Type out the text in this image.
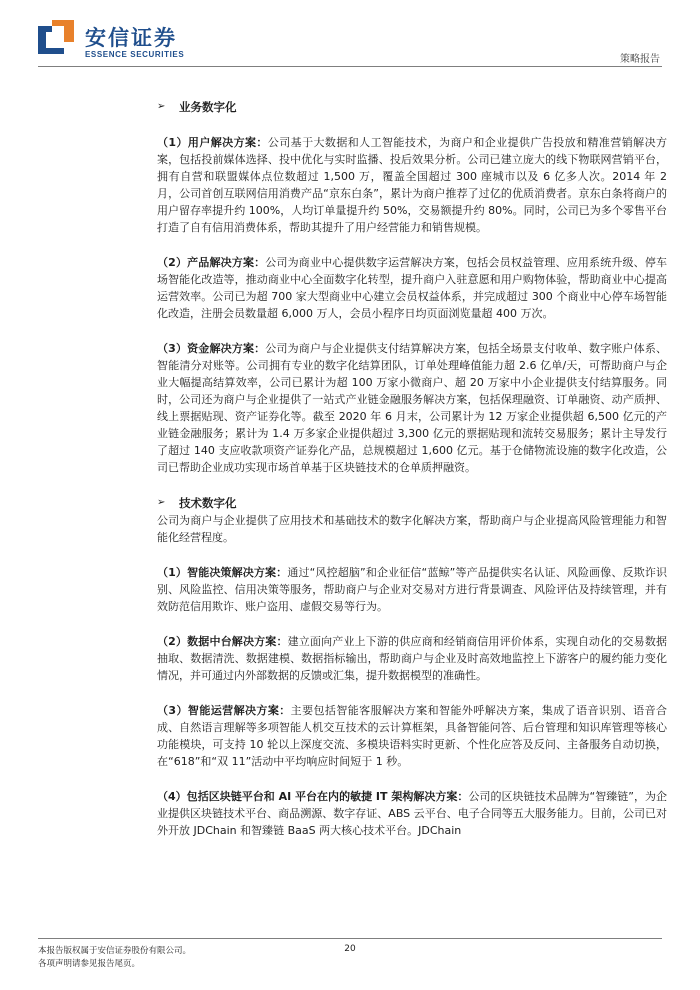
安信证券
ESSENCE SECURITIES	策略报告
➢	业务数字化

（1）用户解决方案：公司基于大数据和人工智能技术，为商户和企业提供广告投放和精准营销解决方案，包括投前媒体选择、投中优化与实时监播、投后效果分析。公司已建立庞大的线下物联网营销平台，拥有自营和联盟媒体点位数超过 1,500 万，覆盖全国超过 300 座城市以及 6 亿多人次。2014 年 2 月，公司首创互联网信用消费产品“京东白条”，累计为商户推荐了过亿的优质消费者。京东白条将商户的用户留存率提升约 100%，人均订单量提升约 50%，交易额提升约 80%。同时，公司已为多个零售平台打造了自有信用消费体系，帮助其提升了用户经营能力和销售规模。

（2）产品解决方案：公司为商业中心提供数字运营解决方案，包括会员权益管理、应用系统升级、停车场智能化改造等，推动商业中心全面数字化转型，提升商户入驻意愿和用户购物体验，帮助商业中心提高运营效率。公司已为超 700 家大型商业中心建立会员权益体系，并完成超过 300 个商业中心停车场智能化改造，注册会员数量超 6,000 万人，会员小程序日均页面浏览量超 400 万次。

（3）资金解决方案：公司为商户与企业提供支付结算解决方案，包括全场景支付收单、数字账户体系、智能清分对账等。公司拥有专业的数字化结算团队，订单处理峰值能力超 2.6 亿单/天，可帮助商户与企业大幅提高结算效率，公司已累计为超 100 万家小微商户、超 20 万家中小企业提供支付结算服务。同时，公司还为商户与企业提供了一站式产业链金融服务解决方案，包括保理融资、订单融资、动产质押、线上票据贴现、资产证券化等。截至 2020 年 6 月末，公司累计为 12 万家企业提供超 6,500 亿元的产业链金融服务；累计为 1.4 万多家企业提供超过 3,300 亿元的票据贴现和流转交易服务；累计主导发行了超过 140 支应收款项资产证券化产品，总规模超过 1,600 亿元。基于仓储物流设施的数字化改造，公司已帮助企业成功实现市场首单基于区块链技术的仓单质押融资。

➢	技术数字化

公司为商户与企业提供了应用技术和基础技术的数字化解决方案，帮助商户与企业提高风险管理能力和智能化经营程度。

（1）智能决策解决方案：通过“风控超脑”和企业征信“蓝鲸”等产品提供实名认证、风险画像、反欺诈识别、风险监控、信用决策等服务，帮助商户与企业对交易对方进行背景调查、风险评估及持续管理，并有效防范信用欺诈、账户盗用、虚假交易等行为。

（2）数据中台解决方案：建立面向产业上下游的供应商和经销商信用评价体系，实现自动化的交易数据抽取、数据清洗、数据建模、数据指标输出，帮助商户与企业及时高效地监控上下游客户的履约能力变化情况，并可通过内外部数据的反馈或汇集，提升数据模型的准确性。

（3）智能运营解决方案：主要包括智能客服解决方案和智能外呼解决方案，集成了语音识别、语音合成、自然语言理解等多项智能人机交互技术的云计算框架，具备智能问答、后台管理和知识库管理等核心功能模块，可支持 10 轮以上深度交流、多模块语料实时更新、个性化应答及反问、主备服务自动切换，在“618”和“双 11”活动中平均响应时间短于 1 秒。

（4）包括区块链平台和 AI 平台在内的敏捷 IT 架构解决方案：公司的区块链技术品牌为“智臻链”，为企业提供区块链技术平台、商品溯源、数字存证、ABS 云平台、电子合同等五大服务能力。目前，公司已对外开放 JDChain 和智臻链 BaaS 两大核心技术平台。JDChain

本报告版权属于安信证券股份有限公司。
各项声明请参见报告尾页。
20
